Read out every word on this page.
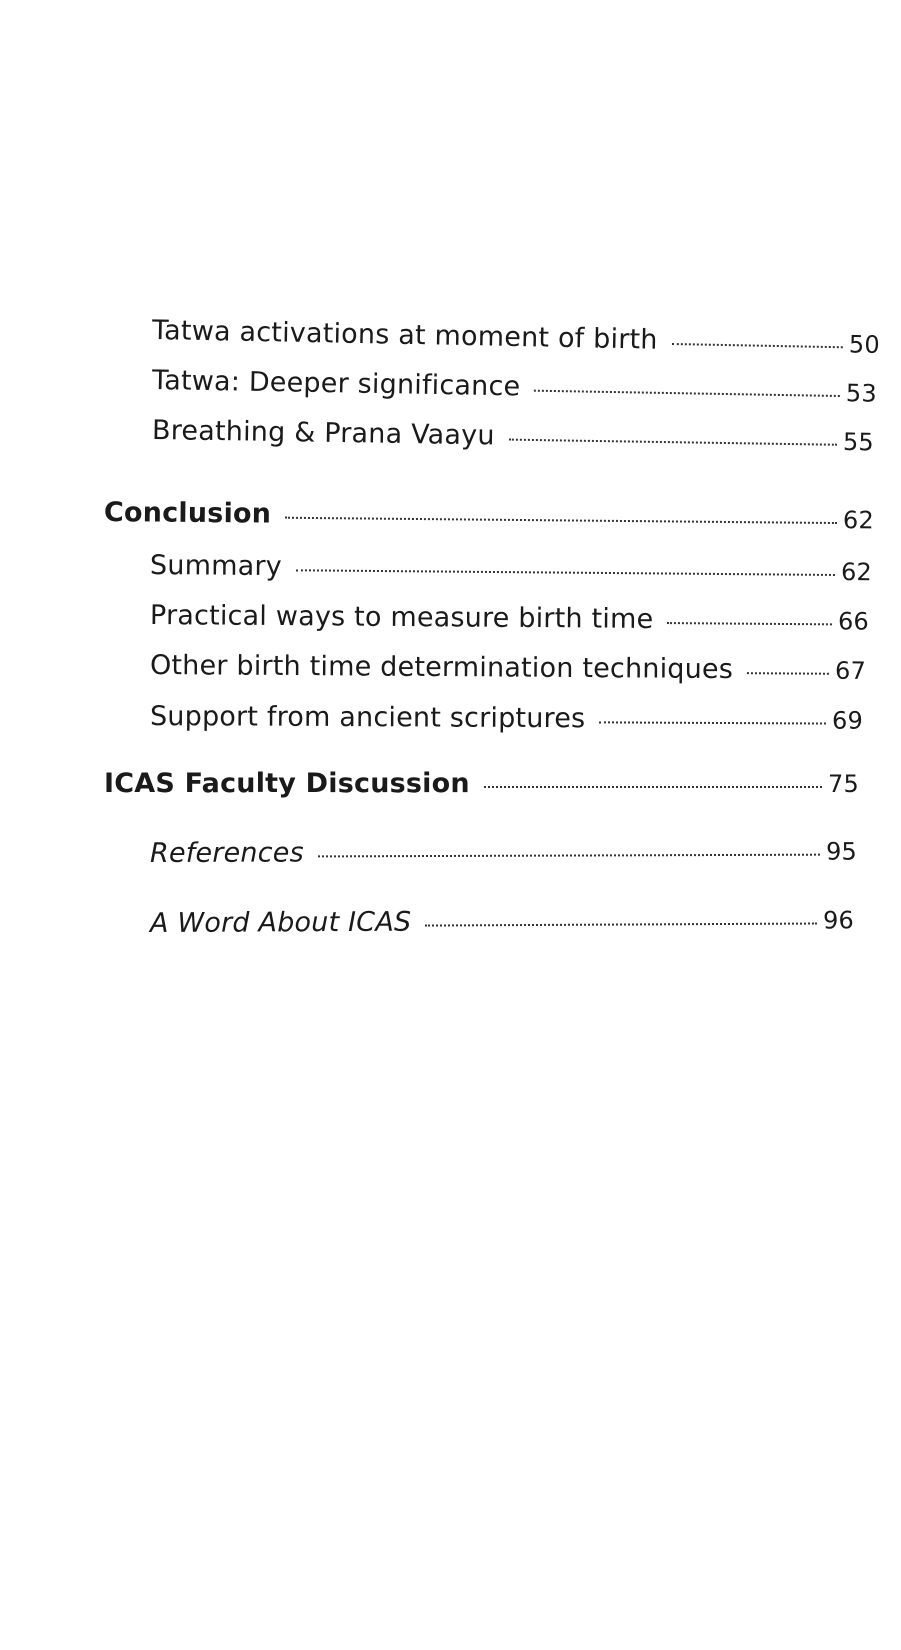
Tatwa activations at moment of birth	50
Tatwa: Deeper significance	53
Breathing & Prana Vaayu	55
Conclusion	62
Summary	62
Practical ways to measure birth time	66
Other birth time determination techniques	67
Support from ancient scriptures	69
ICAS Faculty Discussion	75
References	95
A Word About ICAS	96
